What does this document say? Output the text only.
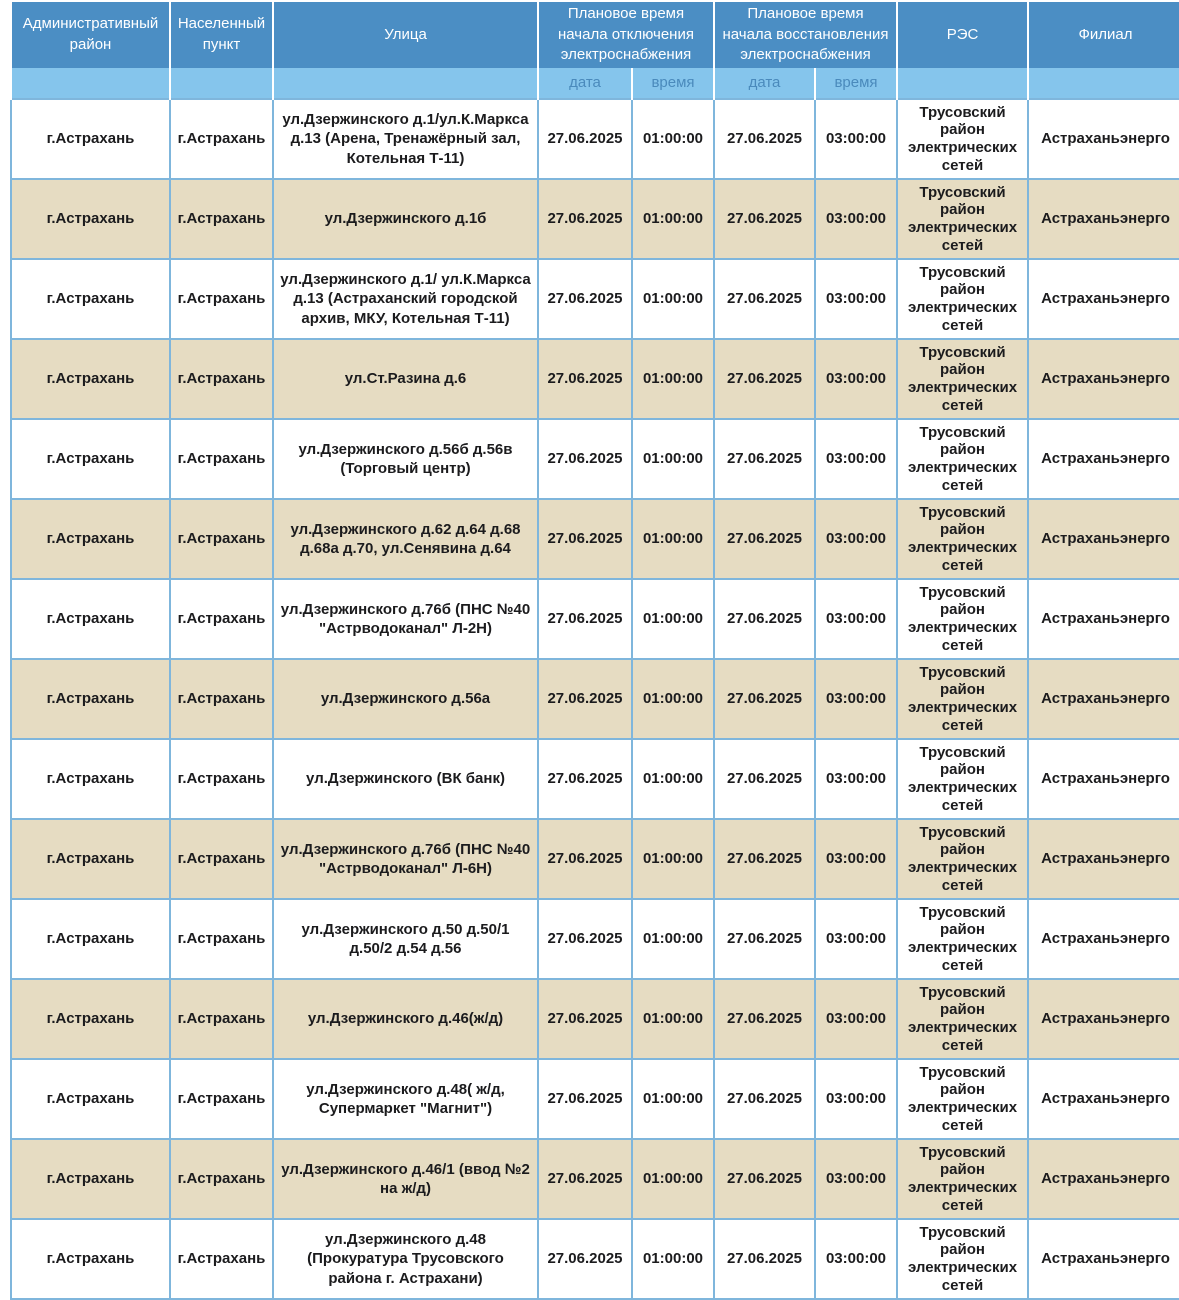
Административный район	Населенный пункт	Улица	Плановое время начала отключения электроснабжения		Плановое время начала восстановления электроснабжения		РЭС	Филиал
			дата	время	дата	время		
г.Астрахань	г.Астрахань	ул.Дзержинского д.1/ул.К.Маркса д.13 (Арена, Тренажёрный зал, Котельная Т-11)	27.06.2025	01:00:00	27.06.2025	03:00:00	Трусовский район электрических сетей	Астраханьэнерго
г.Астрахань	г.Астрахань	ул.Дзержинского д.1б	27.06.2025	01:00:00	27.06.2025	03:00:00	Трусовский район электрических сетей	Астраханьэнерго
г.Астрахань	г.Астрахань	ул.Дзержинского д.1/ ул.К.Маркса д.13 (Астраханский городской архив, МКУ, Котельная Т-11)	27.06.2025	01:00:00	27.06.2025	03:00:00	Трусовский район электрических сетей	Астраханьэнерго
г.Астрахань	г.Астрахань	ул.Ст.Разина д.6	27.06.2025	01:00:00	27.06.2025	03:00:00	Трусовский район электрических сетей	Астраханьэнерго
г.Астрахань	г.Астрахань	ул.Дзержинского д.56б д.56в (Торговый центр)	27.06.2025	01:00:00	27.06.2025	03:00:00	Трусовский район электрических сетей	Астраханьэнерго
г.Астрахань	г.Астрахань	ул.Дзержинского д.62 д.64 д.68 д.68а д.70, ул.Сенявина д.64	27.06.2025	01:00:00	27.06.2025	03:00:00	Трусовский район электрических сетей	Астраханьэнерго
г.Астрахань	г.Астрахань	ул.Дзержинского д.76б (ПНС №40 "Астрводоканал" Л-2Н)	27.06.2025	01:00:00	27.06.2025	03:00:00	Трусовский район электрических сетей	Астраханьэнерго
г.Астрахань	г.Астрахань	ул.Дзержинского д.56а	27.06.2025	01:00:00	27.06.2025	03:00:00	Трусовский район электрических сетей	Астраханьэнерго
г.Астрахань	г.Астрахань	ул.Дзержинского (ВК банк)	27.06.2025	01:00:00	27.06.2025	03:00:00	Трусовский район электрических сетей	Астраханьэнерго
г.Астрахань	г.Астрахань	ул.Дзержинского д.76б (ПНС №40 "Астрводоканал" Л-6Н)	27.06.2025	01:00:00	27.06.2025	03:00:00	Трусовский район электрических сетей	Астраханьэнерго
г.Астрахань	г.Астрахань	ул.Дзержинского д.50 д.50/1 д.50/2 д.54 д.56	27.06.2025	01:00:00	27.06.2025	03:00:00	Трусовский район электрических сетей	Астраханьэнерго
г.Астрахань	г.Астрахань	ул.Дзержинского д.46(ж/д)	27.06.2025	01:00:00	27.06.2025	03:00:00	Трусовский район электрических сетей	Астраханьэнерго
г.Астрахань	г.Астрахань	ул.Дзержинского д.48( ж/д, Супермаркет "Магнит")	27.06.2025	01:00:00	27.06.2025	03:00:00	Трусовский район электрических сетей	Астраханьэнерго
г.Астрахань	г.Астрахань	ул.Дзержинского д.46/1 (ввод №2 на ж/д)	27.06.2025	01:00:00	27.06.2025	03:00:00	Трусовский район электрических сетей	Астраханьэнерго
г.Астрахань	г.Астрахань	ул.Дзержинского д.48 (Прокуратура Трусовского района г. Астрахани)	27.06.2025	01:00:00	27.06.2025	03:00:00	Трусовский район электрических сетей	Астраханьэнерго
